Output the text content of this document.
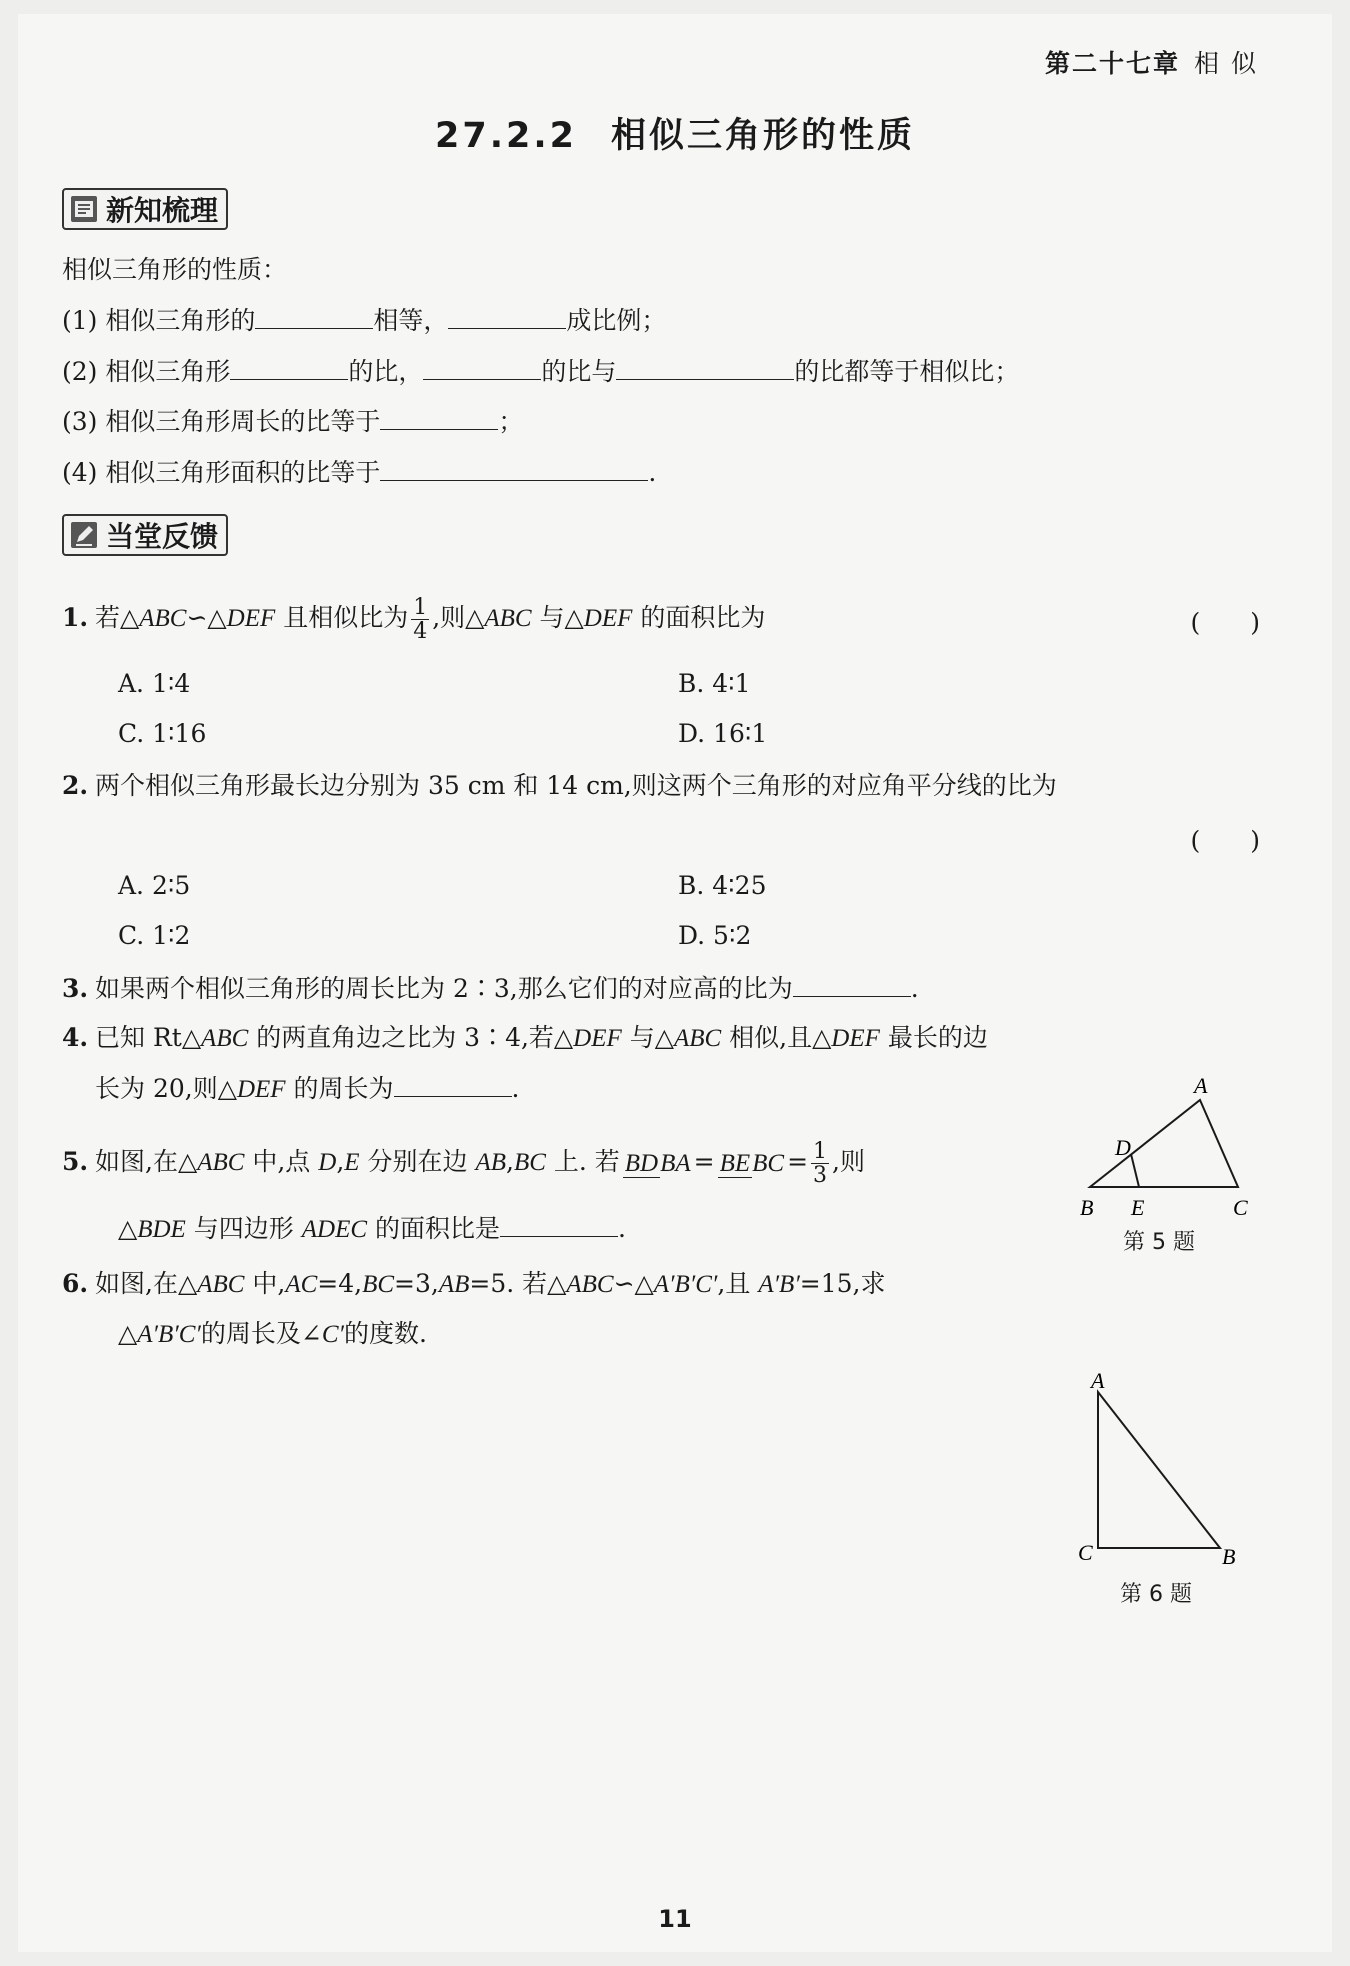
第二十七章 相 似
27.2.2 相似三角形的性质
新知梳理
相似三角形的性质：
(1) 相似三角形的	相等，	成比例；
(2) 相似三角形	的比，	的比与	的比都等于相似比；
(3) 相似三角形周长的比等于	；
(4) 相似三角形面积的比等于	.
当堂反馈
1. 若△ABC∽△DEF 且相似比为 $\frac{1}{4}$ ,则△ABC 与△DEF 的面积比为	(　　)
A. 1∶4	B. 4∶1
C. 1∶16	D. 16∶1
2. 两个相似三角形最长边分别为 35 cm 和 14 cm,则这两个三角形的对应角平分线的比为
(　　)
A. 2∶5	B. 4∶25
C. 1∶2	D. 5∶2
3. 如果两个相似三角形的周长比为 2∶3,那么它们的对应高的比为	.
4. 已知 Rt△ABC 的两直角边之比为 3∶4,若△DEF 与△ABC 相似,且△DEF 最长的边
长为 20,则△DEF 的周长为	.
5. 如图,在△ABC 中,点 D,E 分别在边 AB,BC 上. 若 BDBA = BEBC = $\frac{1}{3}$ ,则
△BDE 与四边形 ADEC 的面积比是	.
A
B	C
D
E
第 5 题
6. 如图,在△ABC 中,AC=4,BC=3,AB=5. 若△ABC∽△A′B′C′,且 A′B′=15,求
△A′B′C′的周长及∠C′的度数.
A
C	B
第 6 题
11
